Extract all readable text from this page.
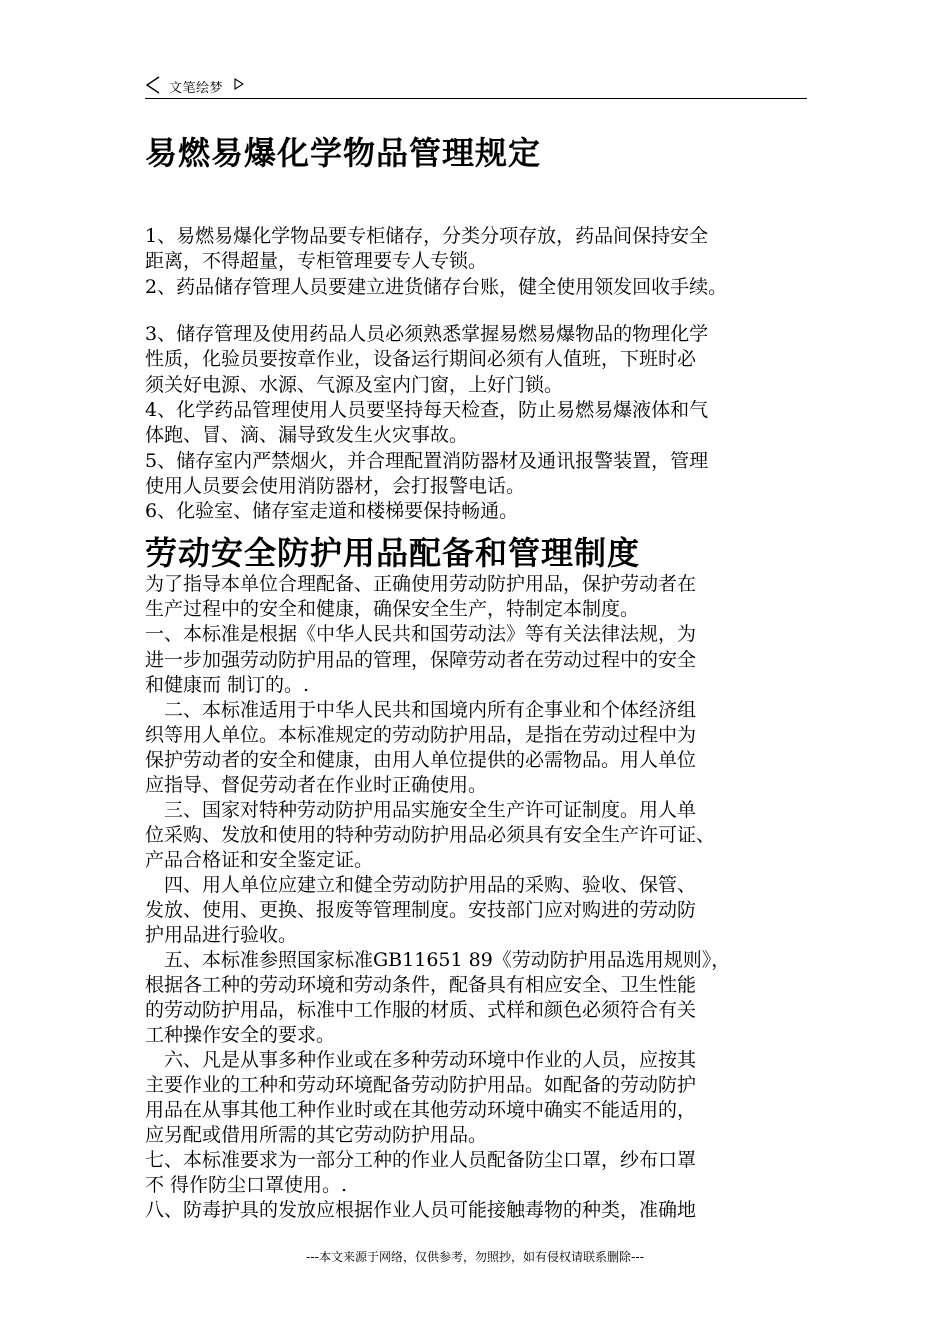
文笔绘梦
易燃易爆化学物品管理规定
1、易燃易爆化学物品要专柜储存，分类分项存放，药品间保持安全
距离，不得超量，专柜管理要专人专锁。
2、药品储存管理人员要建立进货储存台账，健全使用领发回收手续。
3、储存管理及使用药品人员必须熟悉掌握易燃易爆物品的物理化学
性质，化验员要按章作业，设备运行期间必须有人值班，下班时必
须关好电源、水源、气源及室内门窗，上好门锁。
4、化学药品管理使用人员要坚持每天检查，防止易燃易爆液体和气
体跑、冒、滴、漏导致发生火灾事故。
5、储存室内严禁烟火，并合理配置消防器材及通讯报警装置，管理
使用人员要会使用消防器材，会打报警电话。
6、化验室、储存室走道和楼梯要保持畅通。
劳动安全防护用品配备和管理制度
为了指导本单位合理配备、正确使用劳动防护用品，保护劳动者在
生产过程中的安全和健康，确保安全生产，特制定本制度。
一、本标准是根据《中华人民共和国劳动法》等有关法律法规，为
进一步加强劳动防护用品的管理，保障劳动者在劳动过程中的安全
和健康而 制订的。.
　二、本标准适用于中华人民共和国境内所有企事业和个体经济组
织等用人单位。本标准规定的劳动防护用品，是指在劳动过程中为
保护劳动者的安全和健康，由用人单位提供的必需物品。用人单位
应指导、督促劳动者在作业时正确使用。
　三、国家对特种劳动防护用品实施安全生产许可证制度。用人单
位采购、发放和使用的特种劳动防护用品必须具有安全生产许可证、
产品合格证和安全鉴定证。
　四、用人单位应建立和健全劳动防护用品的采购、验收、保管、
发放、使用、更换、报废等管理制度。安技部门应对购进的劳动防
护用品进行验收。
　五、本标准参照国家标准GB11651 89《劳动防护用品选用规则》，
根据各工种的劳动环境和劳动条件，配备具有相应安全、卫生性能
的劳动防护用品，标准中工作服的材质、式样和颜色必须符合有关
工种操作安全的要求。
　六、凡是从事多种作业或在多种劳动环境中作业的人员，应按其
主要作业的工种和劳动环境配备劳动防护用品。如配备的劳动防护
用品在从事其他工种作业时或在其他劳动环境中确实不能适用的，
应另配或借用所需的其它劳动防护用品。
七、本标准要求为一部分工种的作业人员配备防尘口罩，纱布口罩
不 得作防尘口罩使用。.
八、防毒护具的发放应根据作业人员可能接触毒物的种类，准确地
---本文来源于网络，仅供参考，勿照抄，如有侵权请联系删除---
